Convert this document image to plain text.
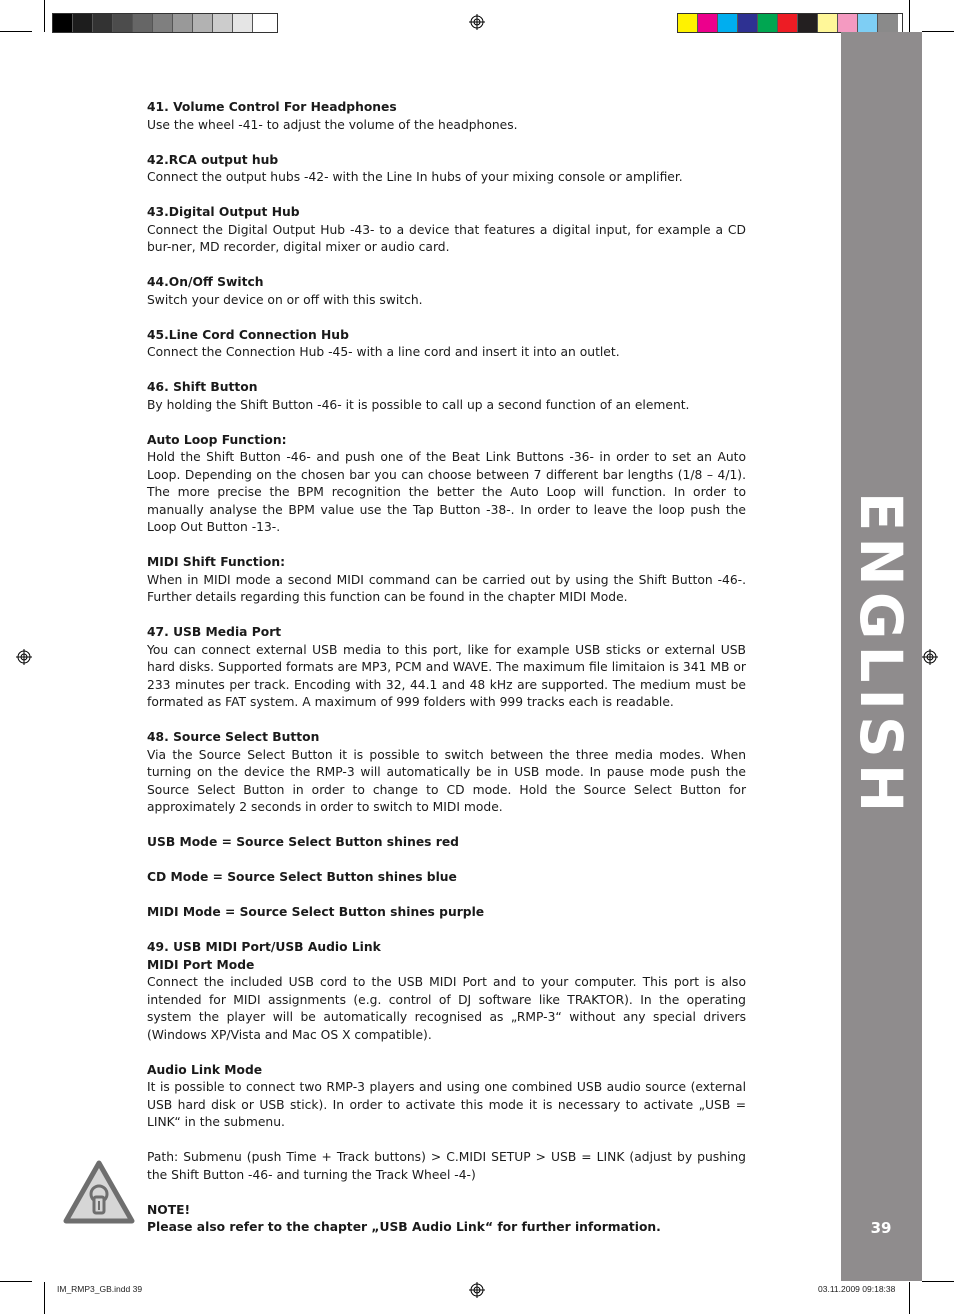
ENGLISH
39

41. Volume Control For Headphones

Use the wheel -41- to adjust the volume of the headphones.

42.RCA output hub

Connect the output hubs -42- with the Line In hubs of your mixing console or amplifier.

43.Digital Output Hub

Connect the Digital Output Hub -43- to a device that features a digital input, for example a CD bur-ner, MD recorder, digital mixer or audio card.

44.On/Off Switch

Switch your device on or off with this switch.

45.Line Cord Connection Hub

Connect the Connection Hub -45- with a line cord and insert it into an outlet.

46. Shift Button

By holding the Shift Button -46- it is possible to call up a second function of an element.

Auto Loop Function:

Hold the Shift Button -46- and push one of the Beat Link Buttons -36- in order to set an Auto Loop. Depending on the chosen bar you can choose between 7 different bar lengths (1/8 – 4/1). The more precise the BPM recognition the better the Auto Loop will function. In order to manually analyse the BPM value use the Tap Button -38-. In order to leave the loop push the Loop Out Button -13-.

MIDI Shift Function:

When in MIDI mode a second MIDI command can be carried out by using the Shift Button -46-. Further details regarding this function can be found in the chapter MIDI Mode.

47. USB Media Port

You can connect external USB media to this port, like for example USB sticks or external USB hard disks. Supported formats are MP3, PCM and WAVE. The maximum file limitaion is 341 MB or 233 minutes per track. Encoding with 32, 44.1 and 48 kHz are supported. The medium must be formated as FAT system. A maximum of 999 folders with 999 tracks each is readable.

48. Source Select Button

Via the Source Select Button it is possible to switch between the three media modes. When turning on the device the RMP-3 will automatically be in USB mode. In pause mode push the Source Select Button in order to change to CD mode. Hold the Source Select Button for approximately 2 seconds in order to switch to MIDI mode.

USB Mode = Source Select Button shines red

CD Mode = Source Select Button shines blue

MIDI Mode = Source Select Button shines purple

49. USB MIDI Port/USB Audio Link

MIDI Port Mode

Connect the included USB cord to the USB MIDI Port and to your computer. This port is also intended for MIDI assignments (e.g. control of DJ software like TRAKTOR). In the operating system the player will be automatically recognised as „RMP-3“ without any special drivers (Windows XP/Vista and Mac OS X compatible).

Audio Link Mode

It is possible to connect two RMP-3 players and using one combined USB audio source (external USB hard disk or USB stick). In order to activate this mode it is necessary to activate „USB = LINK“ in the submenu.

Path: Submenu (push Time + Track buttons) > C.MIDI SETUP > USB = LINK (adjust by pushing the Shift Button -46- and turning the Track Wheel -4-)

NOTE!

Please also refer to the chapter „USB Audio Link“ for further information.

IM_RMP3_GB.indd 39	03.11.2009 09:18:38
